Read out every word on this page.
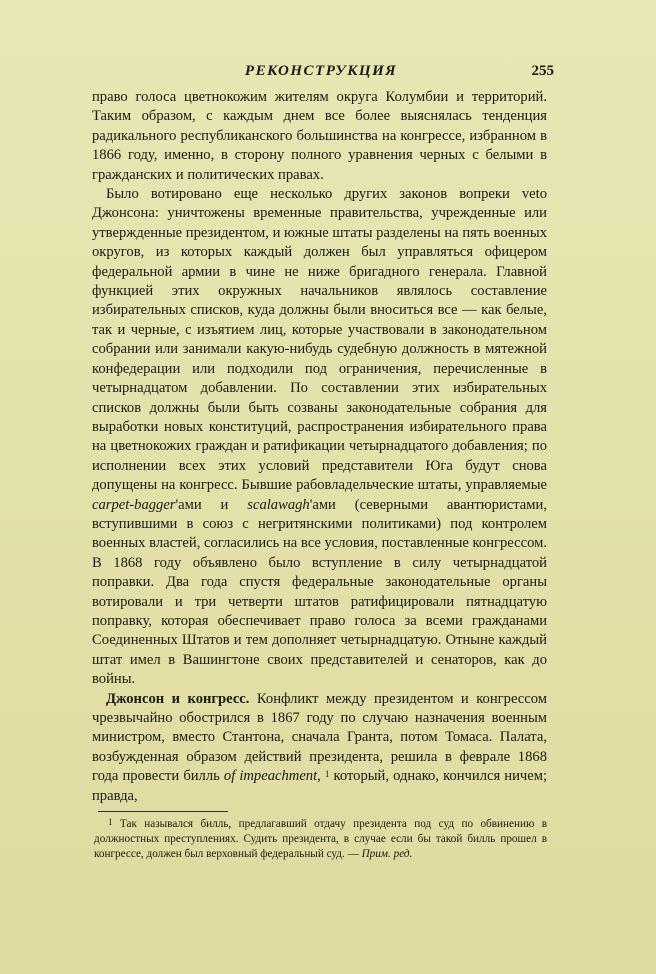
РЕКОНСТРУКЦИЯ	255

право голоса цветнокожим жителям округа Колумбии и территорий. Таким образом, с каждым днем все более выяснялась тенденция радикального республиканского большинства на конгрессе, избранном в 1866 году, именно, в сторону полного уравнения черных с белыми в гражданских и политических правах.

Было вотировано еще несколько других законов вопреки veto Джонсона: уничтожены временные правительства, учрежденные или утвержденные президентом, и южные штаты разделены на пять военных округов, из которых каждый должен был управляться офицером федеральной армии в чине не ниже бригадного генерала. Главной функцией этих окружных начальников являлось составление избирательных списков, куда должны были вноситься все — как белые, так и черные, с изъятием лиц, которые участвовали в законодательном собрании или занимали какую-нибудь судебную должность в мятежной конфедерации или подходили под ограничения, перечисленные в четырнадцатом добавлении. По составлении этих избирательных списков должны были быть созваны законодательные собрания для выработки новых конституций, распространения избирательного права на цветнокожих граждан и ратификации четырнадцатого добавления; по исполнении всех этих условий представители Юга будут снова допущены на конгресс. Бывшие рабовладельческие штаты, управляемые carpet-bagger'ами и scalawagh'ами (северными авантюристами, вступившими в союз с негритянскими политиками) под контролем военных властей, согласились на все условия, поставленные конгрессом. В 1868 году объявлено было вступление в силу четырнадцатой поправки. Два года спустя федеральные законодательные органы вотировали и три четверти штатов ратифицировали пятнадцатую поправку, которая обеспечивает право голоса за всеми гражданами Соединенных Штатов и тем дополняет четырнадцатую. Отныне каждый штат имел в Вашингтоне своих представителей и сенаторов, как до войны.

Джонсон и конгресс. Конфликт между президентом и конгрессом чрезвычайно обострился в 1867 году по случаю назначения военным министром, вместо Стантона, сначала Гранта, потом Томаса. Палата, возбужденная образом действий президента, решила в феврале 1868 года провести билль of impeachment, $^1$ который, однако, кончился ничем; правда,

$^1$ Так назывался билль, предлагавший отдачу президента под суд по обвинению в должностных преступлениях. Судить президента, в случае если бы такой билль прошел в конгрессе, должен был верховный федеральный суд. — Прим. ред.
